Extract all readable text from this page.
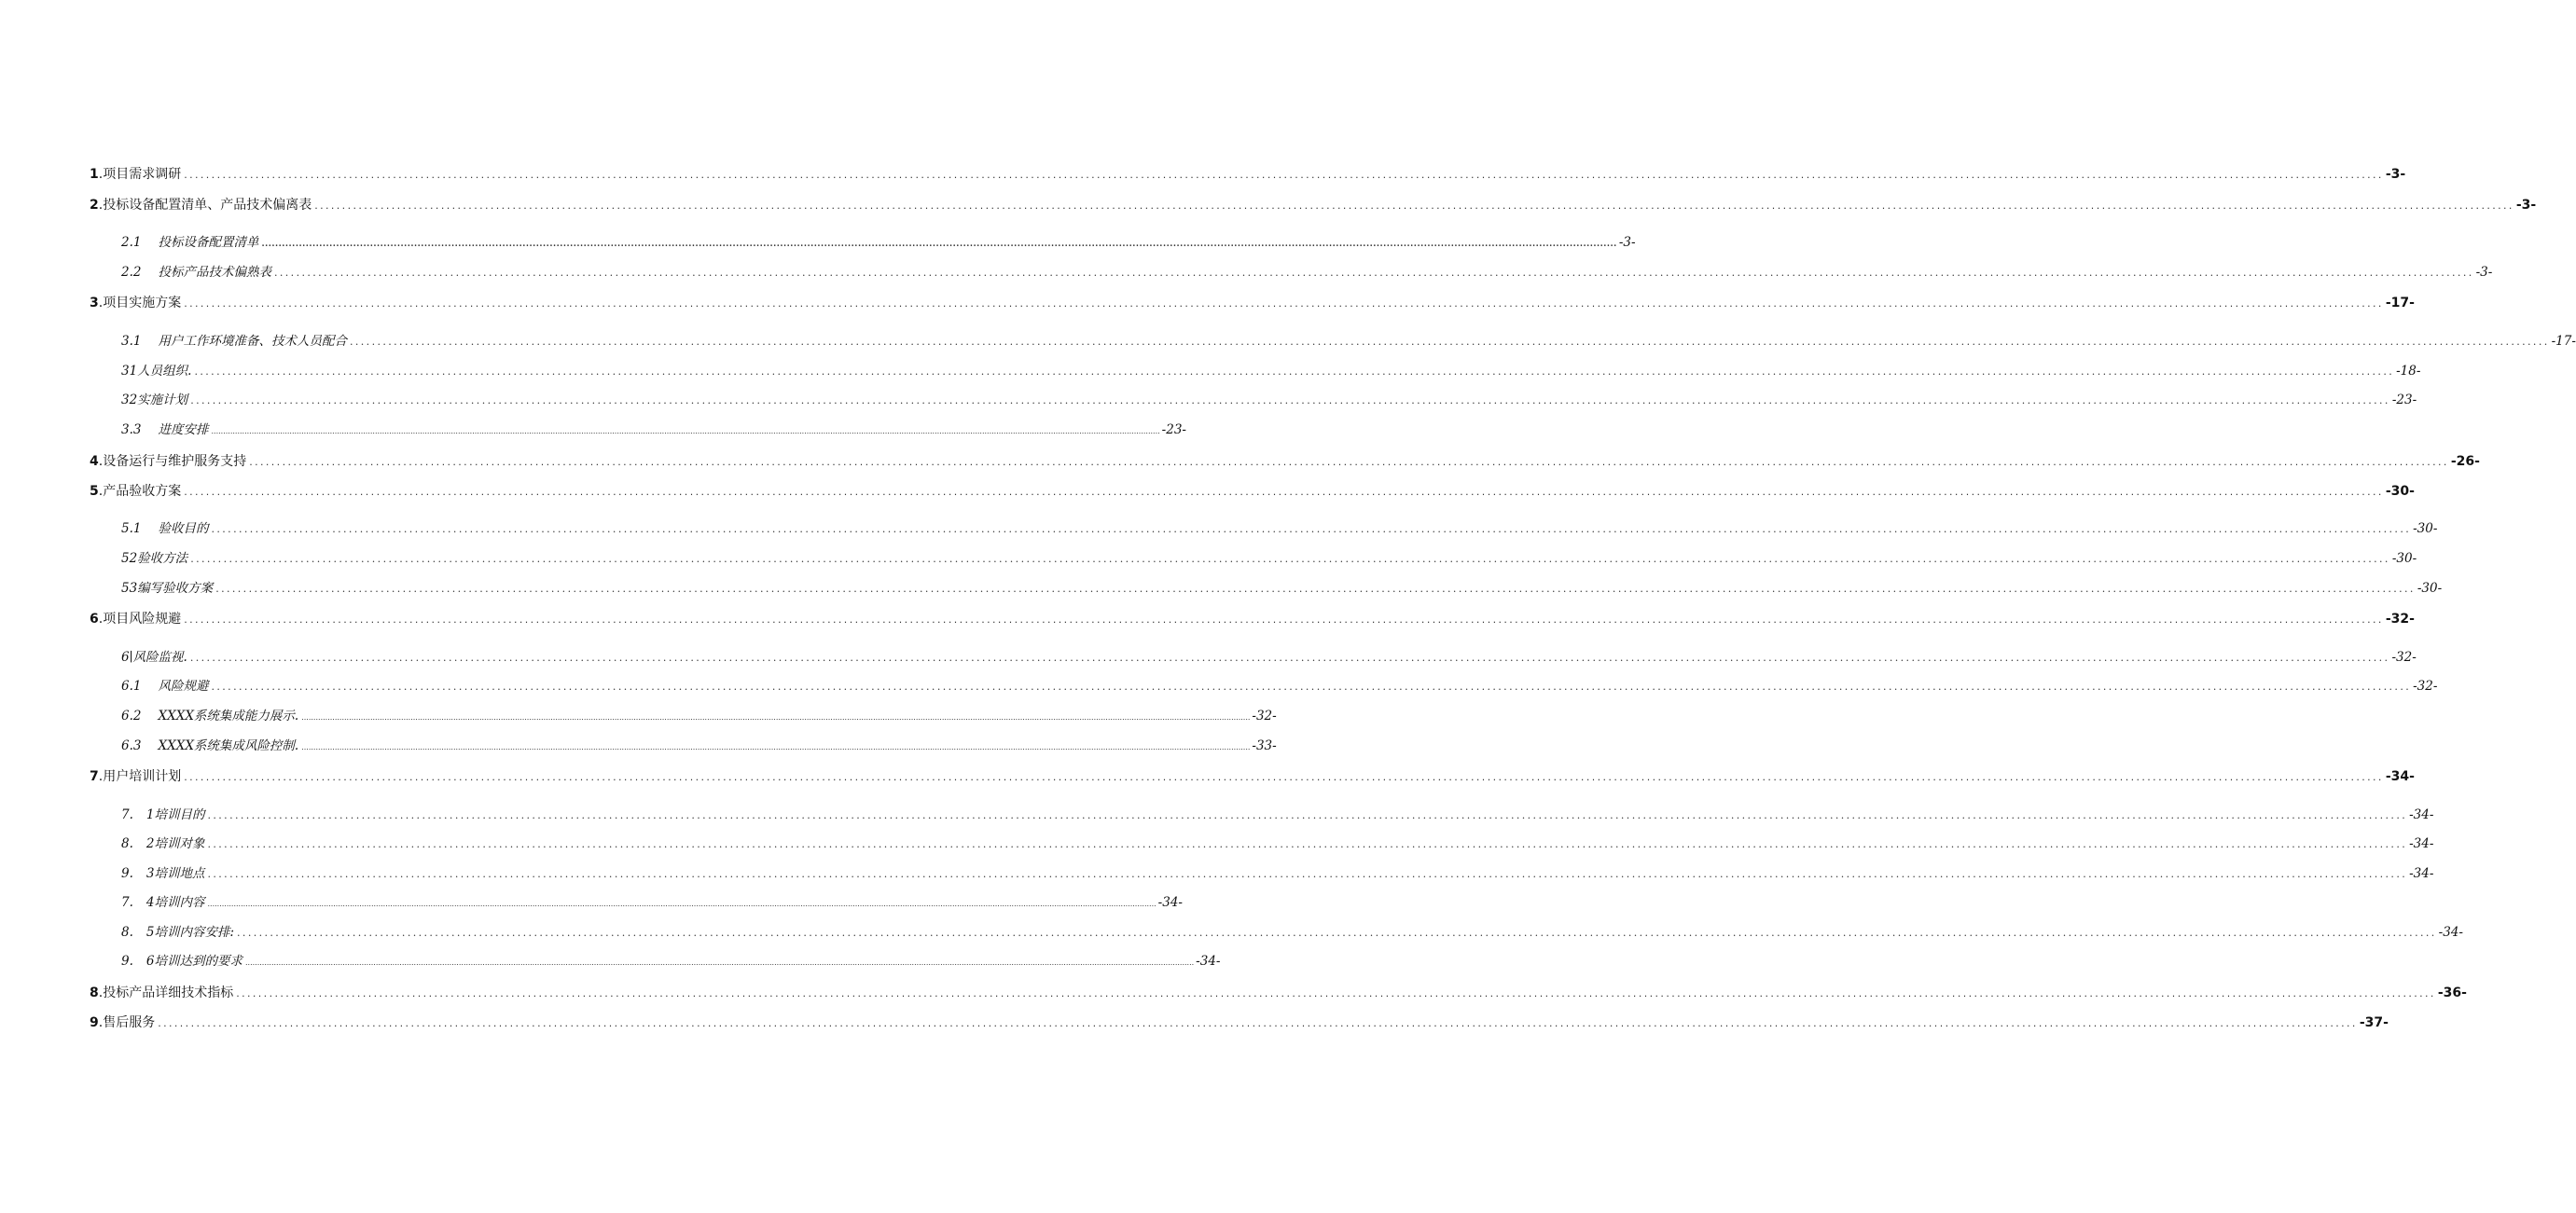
1 .项目需求调研 ................................................................................................................................................................................................................................................................................................................................................................................................................ -3-
2 .投标设备配置清单、产品技术偏离表 ................................................................................................................................................................................................................................................................................................................................................................................................................ -3-
2.1 投标设备配置清单 ................................................................................................................................................................................................................................................................................................................................................................................................................ -3-
2.2 投标产品技术偏熟表 ................................................................................................................................................................................................................................................................................................................................................................................................................ -3-
3 .项目实施方案 ................................................................................................................................................................................................................................................................................................................................................................................................................ -17-
3.1 用户工作环境准备、技术人员配合 ................................................................................................................................................................................................................................................................................................................................................................................................................ -17-
31人员组织. ................................................................................................................................................................................................................................................................................................................................................................................................................ -18-
32实施计划 ................................................................................................................................................................................................................................................................................................................................................................................................................ -23-
3.3 进度安排 ................................................................................................................................................................................................................................................................................................................................................................................................................ -23-
4 .设备运行与维护服务支持 ................................................................................................................................................................................................................................................................................................................................................................................................................ -26-
5 .产品验收方案 ................................................................................................................................................................................................................................................................................................................................................................................................................ -30-
5.1 验收目的 ................................................................................................................................................................................................................................................................................................................................................................................................................ -30-
52验收方法 ................................................................................................................................................................................................................................................................................................................................................................................................................ -30-
53编写验收方案 ................................................................................................................................................................................................................................................................................................................................................................................................................ -30-
6 .项目风险规避 ................................................................................................................................................................................................................................................................................................................................................................................................................ -32-
6∣风险监视. ................................................................................................................................................................................................................................................................................................................................................................................................................ -32-
6.1 风险规避 ................................................................................................................................................................................................................................................................................................................................................................................................................ -32-
6.2 XXXX系统集成能力展示. ................................................................................................................................................................................................................................................................................................................................................................................................................ -32-
6.3 XXXX系统集成风险控制. ................................................................................................................................................................................................................................................................................................................................................................................................................ -33-
7 .用户培训计划 ................................................................................................................................................................................................................................................................................................................................................................................................................ -34-
7. 1培训目的 ................................................................................................................................................................................................................................................................................................................................................................................................................ -34-
8. 2培训对象 ................................................................................................................................................................................................................................................................................................................................................................................................................ -34-
9. 3培训地点 ................................................................................................................................................................................................................................................................................................................................................................................................................ -34-
7. 4培训内容 ................................................................................................................................................................................................................................................................................................................................................................................................................ -34-
8. 5培训内容安排: ................................................................................................................................................................................................................................................................................................................................................................................................................ -34-
9. 6培训达到的要求 ................................................................................................................................................................................................................................................................................................................................................................................................................ -34-
8 .投标产品详细技术指标 ................................................................................................................................................................................................................................................................................................................................................................................................................ -36-
9 .售后服务 ................................................................................................................................................................................................................................................................................................................................................................................................................ -37-
